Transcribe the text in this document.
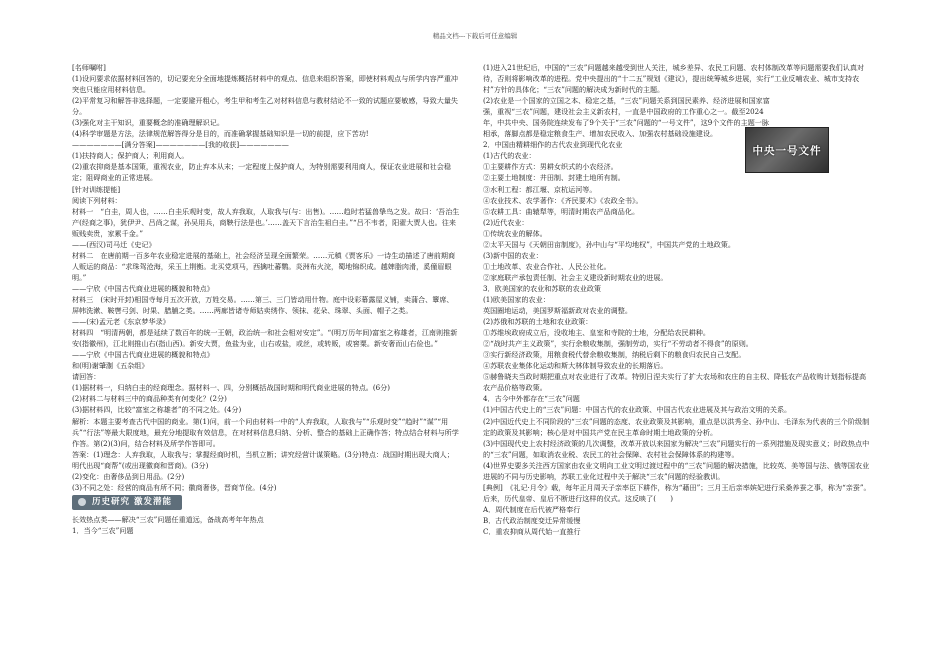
精品文档---下载后可任意编辑

[名师嘱咐]

(1)设问要求依据材料回答的，切记要充分全面地提炼概括材料中的观点、信息来组织答案，即使材料观点与所学内容严重冲突也只能应用材料信息。

(2)平常复习和解答非选择题，一定要避开粗心，考生甲和考生乙对材料信息与教材结论不一致的试题应要敏感，导致大量失分。

(3)强化对主干知识，重要概念的准确理解识记。

(4)科学审题是方法，法律规范解答得分是目的，而准确掌握基础知识是一切的前提，应下苦功!

———————[满分答案]———————[我的收获]———————

(1)扶持商人；保护商人；利用商人。

(2)重农抑商是基本国策，重视农业，防止弃本从末；一定程度上保护商人，为特别需要利用商人，保证农业进展和社会稳定；阻碍商业的正常进展。

[针对训练提能]

阅读下列材料：

材料一　“白圭，周人也，……白圭乐观时变，故人弃我取，人取我与(与：出售)。……趋时若猛兽挚鸟之发。故曰：‘吾治生产(经商之事)，犹伊尹、吕尚之谋，孙吴用兵，商鞅行法是也。’……盖天下言治生祖白圭。”“吕不韦者，阳翟大贾人也。往来贩贱卖贵，家累千金。”

——(西汉)司马迁《史记》

材料二　在唐前期一百多年农业稳定进展的基础上，社会经济呈现全面繁荣。……元稹《贾客乐》一诗生动描述了唐前期商人贩运的商品：“求珠驾沧海，采玉上荆衡。北买党项马，西擒吐蕃鹦。炎洲布火浣，蜀地锦织成。越婢脂肉滑，奚僮眉眼明。”

——宁欣《中国古代商业进展的概貌和特点》

材料三　(宋时开封)相国寺每月五次开放，万姓交易。……第三、三门皆动用什物。庭中设彩幕露屋义铺，卖蒲合、簟席、屏帏洗漱、鞍辔弓剑、时果、腊脯之类。……两廊皆诸寺师姑卖绣作、领抹、花朵、珠翠、头面、帽子之类。

——(宋)孟元老《东京梦华录》

材料四　“明清两朝，都是延续了数百年的统一王朝，政治统一和社会相对安定”。“(明万历年间)富室之称雄者，江南则推新安(指徽州)，江北则推山右(指山西)。新安大贾，鱼盐为业，山右或盐，或丝，或转贩，或窖粟。新安奢而山右俭也。”

——宁欣《中国古代商业进展的概貌和特点》

和(明)谢肇淛《五杂组》

请回答：

(1)据材料一，归纳白圭的经商理念。据材料一、四，分别概括战国时期和明代商业进展的特点。(6分)

(2)材料二与材料三中的商品种类有何变化？(2分)

(3)据材料四，比较“富室之称雄者”的不同之处。(4分)

解析：本题主要考查古代中国的商业。第(1)问，前一个问由材料一中的“人弃我取，人取我与”“乐观时变”“趋时”“谋”“用兵”“行法”等最大限度地，最充分地提取有效信息，在对材料信息归纳、分析、整合的基础上正确作答；特点结合材料与所学作答。第(2)(3)问，结合材料及所学作答即可。

答案：(1)理念：人弃我取，人取我与；掌握经商时机，当机立断；讲究经营计谋策略。(3分)特点：战国时期出现大商人；明代出现“商帮”(或出现徽商和晋商)。(3分)

(2)变化：由奢侈品到日用品。(2分)

(3)不同之处：经营的商品有所不同；徽商奢侈，晋商节俭。(4分)

历史研究 激发潜能

长效热点类——解决“三农”问题任重道远，备战高考年年热点

1．当今“三农”问题

(1)进入21世纪后，中国的“三农”问题越来越受到世人关注，城乡差异、农民工问题、农村体制改革等问题需要我们认真对待，否则将影响改革的进程。党中央提出的“十二五”规划《建议》，提出统筹城乡进展，实行“工业反哺农业、城市支持农村”方针的具体化；“三农”问题的解决成为新时代的主题。

(2)农业是一个国家的立国之本、稳定之基，“三农”问题关系到国民素养、经济进展和国家富强，重视“三农”问题，建设社会主义新农村，一直是中国政府的工作重心之一。截至2024年，中共中央、国务院连续发布了9个关于“三农”问题的“一号文件”，这9个文件的主题一脉相承，落脚点都是稳定粮食生产、增加农民收入、加强农村基础设施建设。

2．中国由精耕细作的古代农业到现代化农业

(1)古代的农业：

①主要耕作方式：男耕女织式的小农经济。

②主要土地制度：井田制、封建土地所有制。

③水利工程：都江堰、京杭运河等。

④农业技术、农学著作：《齐民要术》《农政全书》。

⑤农耕工具：曲辕犁等，明清时期农产品商品化。

(2)近代农业：

①传统农业的解体。

②太平天国与《天朝田亩制度》，孙中山与“平均地权”，中国共产党的土地政策。

(3)新中国的农业：

①土地改革、农业合作社、人民公社化。

②家庭联产承包责任制、社会主义建设新时期农业的进展。

3．欧美国家的农业和苏联的农业政策

(1)欧美国家的农业：

英国圈地运动，美国罗斯福新政对农业的调整。

(2)苏俄和苏联的土地和农业政策：

①苏维埃政府成立后，没收地主、皇室和寺院的土地，分配给农民耕种。

②“战时共产主义政策”，实行余粮收集制，强制劳动，实行“不劳动者不得食”的原则。

③实行新经济政策，用粮食税代替余粮收集制，纳税后剩下的粮食归农民自己支配。

④苏联农业集体化运动和斯大林体制导致农业的长期落后。

⑤赫鲁晓夫当政时期把重点对农业进行了改革。特别日涅夫实行了扩大农场和农庄的自主权、降低农产品收购计划指标提高农产品价格等政策。

4．古今中外都存在“三农”问题

(1)中国古代史上的“三农”问题：中国古代的农业政策、中国古代农业进展及其与政治文明的关系。

(2)中国近代史上不同阶段的“三农”问题的态度、农业政策及其影响，重点是以洪秀全、孙中山、毛泽东为代表的三个阶级制定的政策及其影响；核心是对中国共产党在民主革命时期土地政策的分析。

(3)中国现代史上农村经济政策的几次调整，改革开放以来国家为解决“三农”问题实行的一系列措施及现实意义；时政热点中的“三农”问题，如取消农业税、农民工的社会保障、农村社会保障体系的构建等。

(4)世界史要多关注西方国家由农业文明向工业文明过渡过程中的“三农”问题的解决措施，比较英、美等国与法、俄等国农业进展的不同与历史影响，苏联工业化过程中关于解决“三农”问题的经验教训。

[典例]　《礼记·月令》载，每年正月周天子亲率臣下耕作，称为“藉田”；三月王后亲率嫔妃进行采桑养蚕之事，称为“亲蚕”。后来，历代皇帝、皇后不断进行这样的仪式。这反映了(　　)

A．周代制度在后代被严格奉行

B．古代政治制度变迁异常缓慢

C．重农抑商从周代始一直推行

中央一号文件
